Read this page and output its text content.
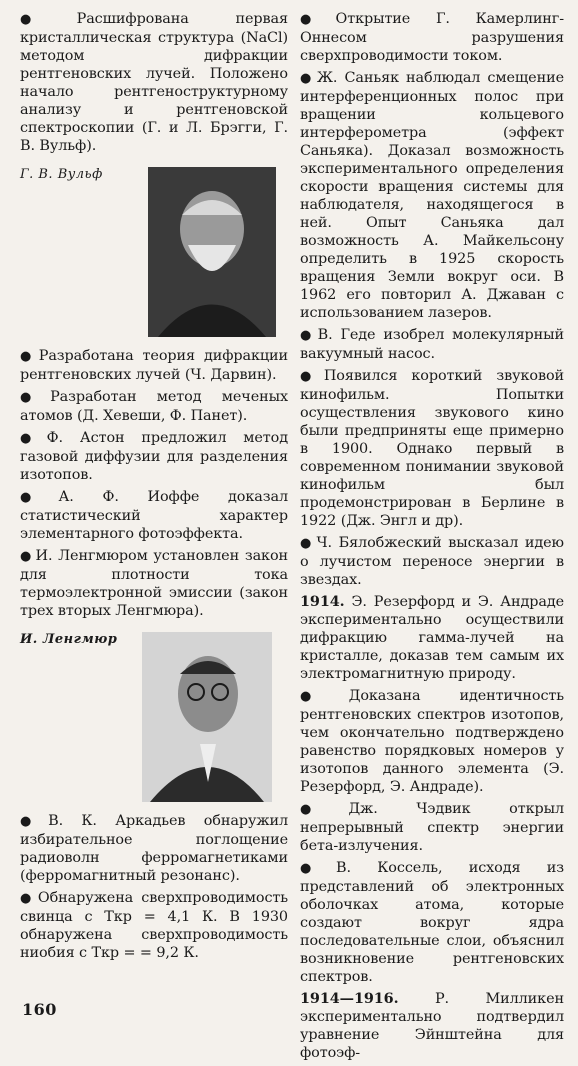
● Расшифрована первая кристаллическая структура (NaCl) методом дифракции рентгеновских лучей. Положено начало рентгеноструктурному анализу и рентгеновской спектроскопии (Г. и Л. Брэгги, Г. В. Вульф).

Г. В. Вульф

● Разработана теория дифракции рентгеновских лучей (Ч. Дарвин).

● Разработан метод меченых атомов (Д. Хевеши, Ф. Панет).

● Ф. Астон предложил метод газовой диффузии для разделения изотопов.

● А. Ф. Иоффе доказал статистический характер элементарного фотоэффекта.

● И. Ленгмюром установлен закон для плотности тока термоэлектронной эмиссии (закон трех вторых Ленгмюра).

И. Ленгмюр

● В. К. Аркадьев обнаружил избирательное поглощение радиоволн ферромагнетиками (ферромагнитный резонанс).

● Обнаружена сверхпроводимость свинца с Tкр = 4,1 К. В 1930 обнаружена сверхпроводимость ниобия с Tкр = = 9,2 К.

● Открытие Г. Камерлинг-Оннесом разрушения сверхпроводимости током.

● Ж. Саньяк наблюдал смещение интерференционных полос при вращении кольцевого интерферометра (эффект Саньяка). Доказал возможность экспериментального определения скорости вращения системы для наблюдателя, находящегося в ней. Опыт Саньяка дал возможность А. Майкельсону определить в 1925 скорость вращения Земли вокруг оси. В 1962 его повторил А. Джаван с использованием лазеров.

● В. Геде изобрел молекулярный вакуумный насос.

● Появился короткий звуковой кинофильм. Попытки осуществления звукового кино были предприняты еще примерно в 1900. Однако первый в современном понимании звуковой кинофильм был продемонстрирован в Берлине в 1922 (Дж. Энгл и др).

● Ч. Бялобжеский высказал идею о лучистом переносе энергии в звездах.

1914. Э. Резерфорд и Э. Андраде экспериментально осуществили дифракцию гамма-лучей на кристалле, доказав тем самым их электромагнитную природу.

● Доказана идентичность рентгеновских спектров изотопов, чем окончательно подтверждено равенство порядковых номеров у изотопов данного элемента (Э. Резерфорд, Э. Андраде).

● Дж. Чэдвик открыл непрерывный спектр энергии бета-излучения.

● В. Коссель, исходя из представлений об электронных оболочках атома, которые создают вокруг ядра последовательные слои, объяснил возникновение рентгеновских спектров.

1914—1916.	Р. Милликен экспериментально подтвердил уравнение Эйнштейна для фотоэф-

160
